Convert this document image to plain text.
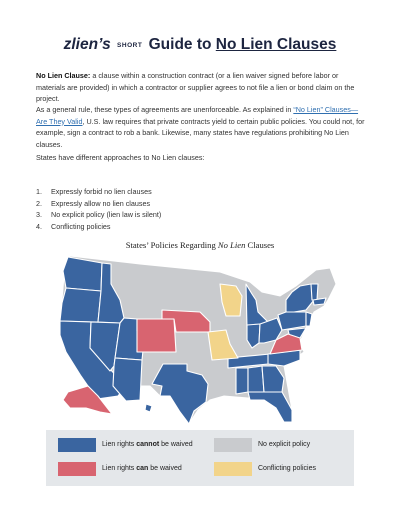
zlien’s SHORT Guide to No Lien Clauses
No Lien Clause: a clause within a construction contract (or a lien waiver signed before labor or materials are provided) in which a contractor or supplier agrees to not file a lien or bond claim on the project.
As a general rule, these types of agreements are unenforceable. As explained in “No Lien” Clauses—Are They Valid, U.S. law requires that private contracts yield to certain public policies. You could not, for example, sign a contract to rob a bank. Likewise, many states have regulations prohibiting No Lien clauses.
States have different approaches to No Lien clauses:
1. Expressly forbid no lien clauses
2. Expressly allow no lien clauses
3. No explicit policy (lien law is silent)
4. Conflicting policies
States’ Policies Regarding No Lien Clauses
Lien rights cannot be waived
Lien rights can be waived
No explicit policy
Conflicting policies
